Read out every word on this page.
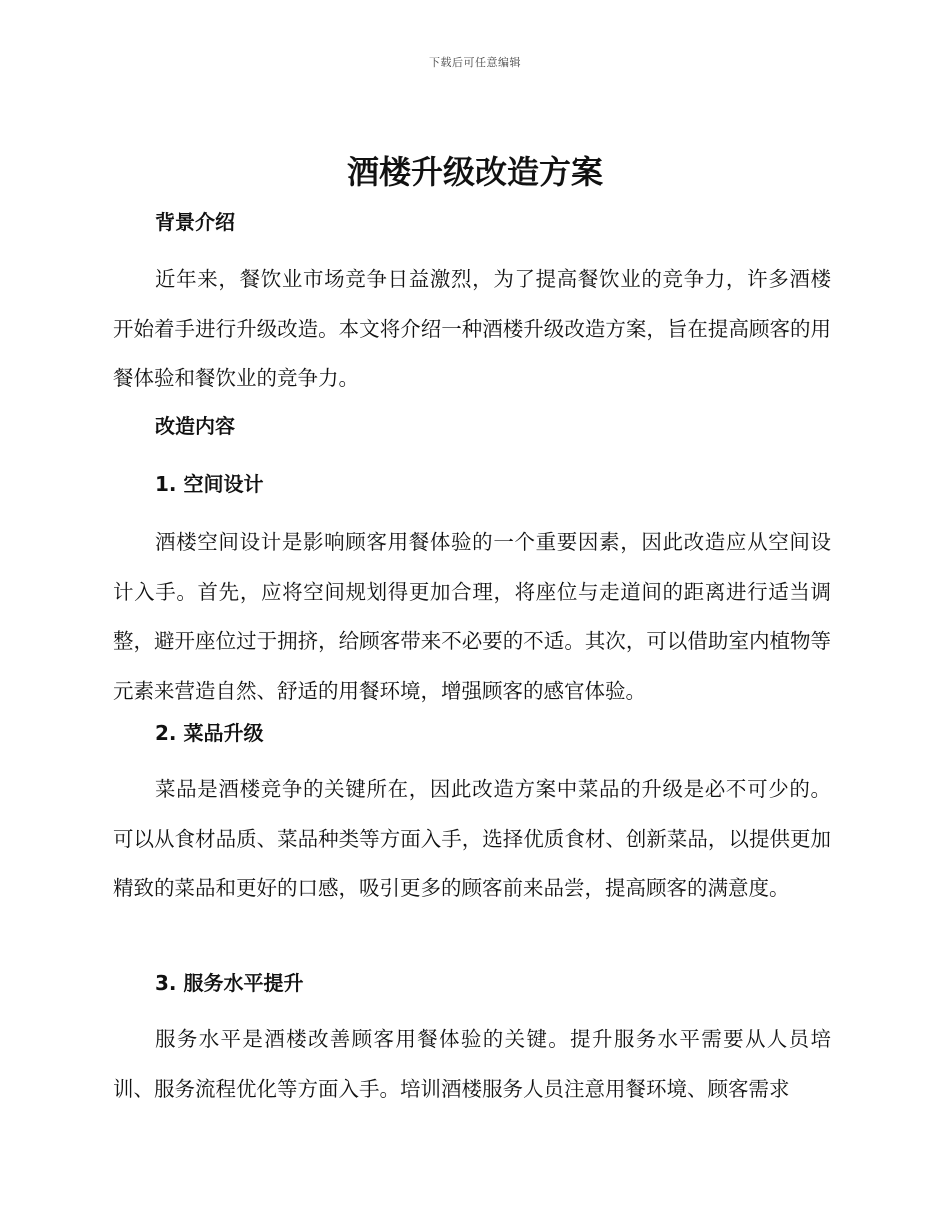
下载后可任意编辑
酒楼升级改造方案
背景介绍

近年来，餐饮业市场竞争日益激烈，为了提高餐饮业的竞争力，许多酒楼开始着手进行升级改造。本文将介绍一种酒楼升级改造方案，旨在提高顾客的用餐体验和餐饮业的竞争力。

改造内容
1. 空间设计

酒楼空间设计是影响顾客用餐体验的一个重要因素，因此改造应从空间设计入手。首先，应将空间规划得更加合理，将座位与走道间的距离进行适当调整，避开座位过于拥挤，给顾客带来不必要的不适。其次，可以借助室内植物等元素来营造自然、舒适的用餐环境，增强顾客的感官体验。

2. 菜品升级

菜品是酒楼竞争的关键所在，因此改造方案中菜品的升级是必不可少的。可以从食材品质、菜品种类等方面入手，选择优质食材、创新菜品，以提供更加精致的菜品和更好的口感，吸引更多的顾客前来品尝，提高顾客的满意度。

3. 服务水平提升

服务水平是酒楼改善顾客用餐体验的关键。提升服务水平需要从人员培训、服务流程优化等方面入手。培训酒楼服务人员注意用餐环境、顾客需求
